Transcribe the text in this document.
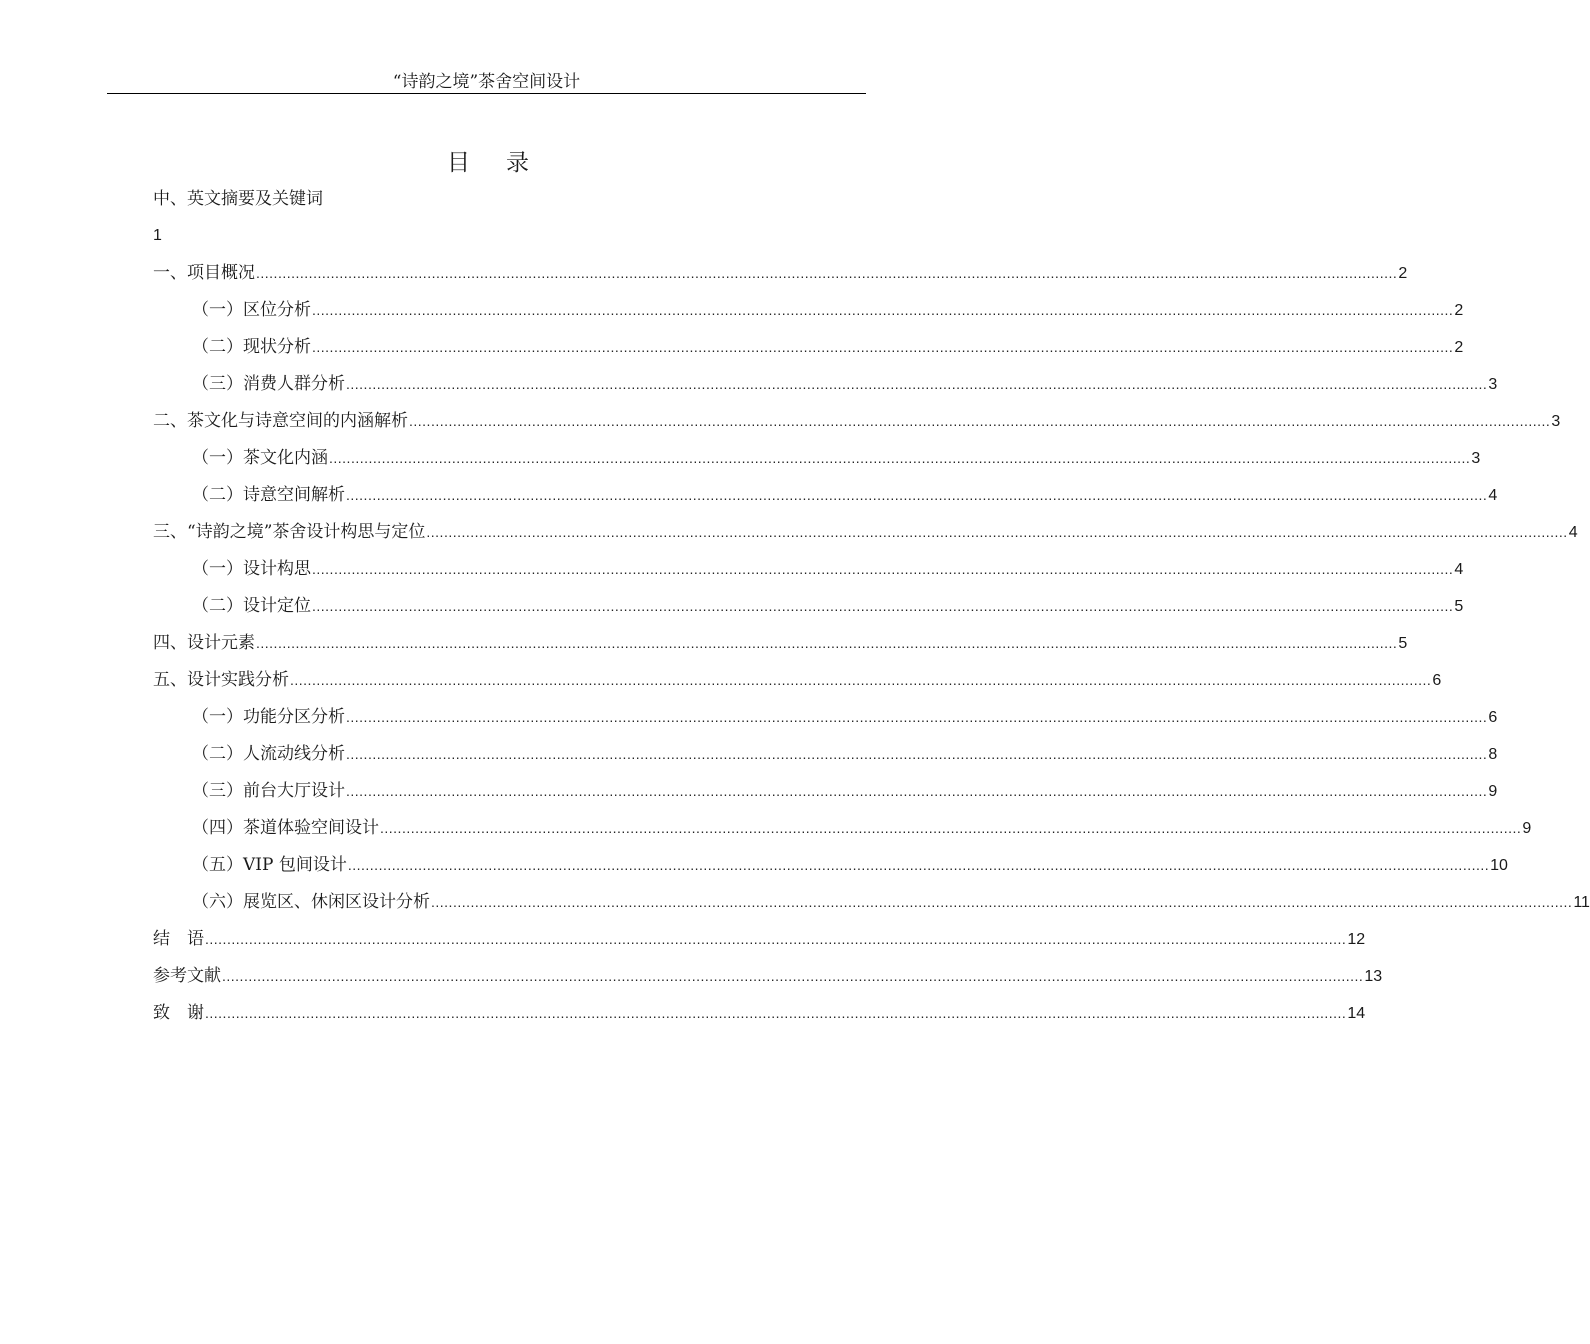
“诗韵之境”茶舍空间设计
目 录
中、英文摘要及关键词
1
一、 项目概况 .................................................................................................................................................................................................................................................................... 2
（一） 区位分析 .................................................................................................................................................................................................................................................................... 2
（二） 现状分析 .................................................................................................................................................................................................................................................................... 2
（三） 消费人群分析 .................................................................................................................................................................................................................................................................... 3
二、 茶文化与诗意空间的内涵解析 .................................................................................................................................................................................................................................................................... 3
（一） 茶文化内涵 .................................................................................................................................................................................................................................................................... 3
（二） 诗意空间解析 .................................................................................................................................................................................................................................................................... 4
三、 “诗韵之境”茶舍设计构思与定位 .................................................................................................................................................................................................................................................................... 4
（一） 设计构思 .................................................................................................................................................................................................................................................................... 4
（二） 设计定位 .................................................................................................................................................................................................................................................................... 5
四、 设计元素 .................................................................................................................................................................................................................................................................... 5
五、 设计实践分析 .................................................................................................................................................................................................................................................................... 6
（一） 功能分区分析 .................................................................................................................................................................................................................................................................... 6
（二） 人流动线分析 .................................................................................................................................................................................................................................................................... 8
（三） 前台大厅设计 .................................................................................................................................................................................................................................................................... 9
（四） 茶道体验空间设计 .................................................................................................................................................................................................................................................................... 9
（五） VIP 包间设计 .................................................................................................................................................................................................................................................................... 10
（六） 展览区、休闲区设计分析 .................................................................................................................................................................................................................................................................... 11
结　语 .................................................................................................................................................................................................................................................................... 12
参考文献 .................................................................................................................................................................................................................................................................... 13
致　谢 .................................................................................................................................................................................................................................................................... 14
